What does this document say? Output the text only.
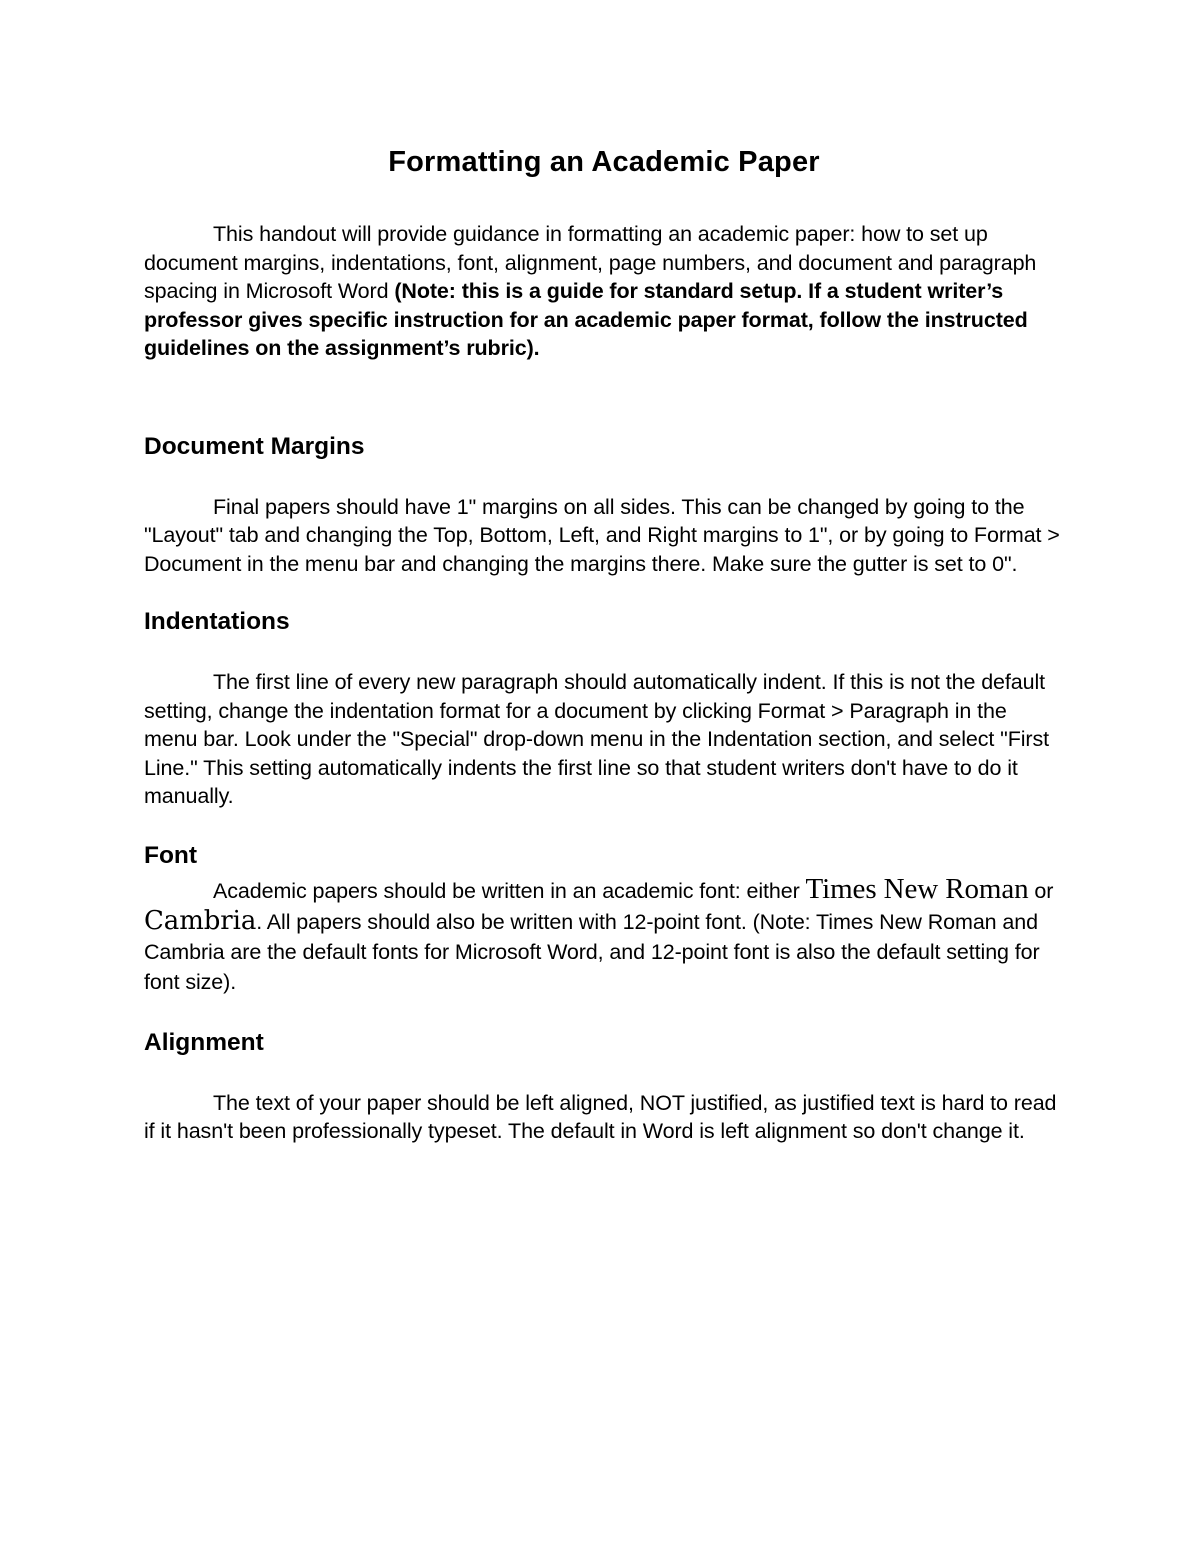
Formatting an Academic Paper

This handout will provide guidance in formatting an academic paper: how to set up document margins, indentations, font, alignment, page numbers, and document and paragraph spacing in Microsoft Word (Note: this is a guide for standard setup. If a student writer’s professor gives specific instruction for an academic paper format, follow the instructed guidelines on the assignment’s rubric).

Document Margins

Final papers should have 1" margins on all sides. This can be changed by going to the "Layout" tab and changing the Top, Bottom, Left, and Right margins to 1", or by going to Format > Document in the menu bar and changing the margins there. Make sure the gutter is set to 0".

Indentations

The first line of every new paragraph should automatically indent. If this is not the default setting, change the indentation format for a document by clicking Format > Paragraph in the menu bar. Look under the "Special" drop-down menu in the Indentation section, and select "First Line." This setting automatically indents the first line so that student writers don't have to do it manually.

Font

Academic papers should be written in an academic font: either Times New Roman or Cambria. All papers should also be written with 12-point font. (Note: Times New Roman and Cambria are the default fonts for Microsoft Word, and 12-point font is also the default setting for font size).

Alignment

The text of your paper should be left aligned, NOT justified, as justified text is hard to read if it hasn't been professionally typeset. The default in Word is left alignment so don't change it.
